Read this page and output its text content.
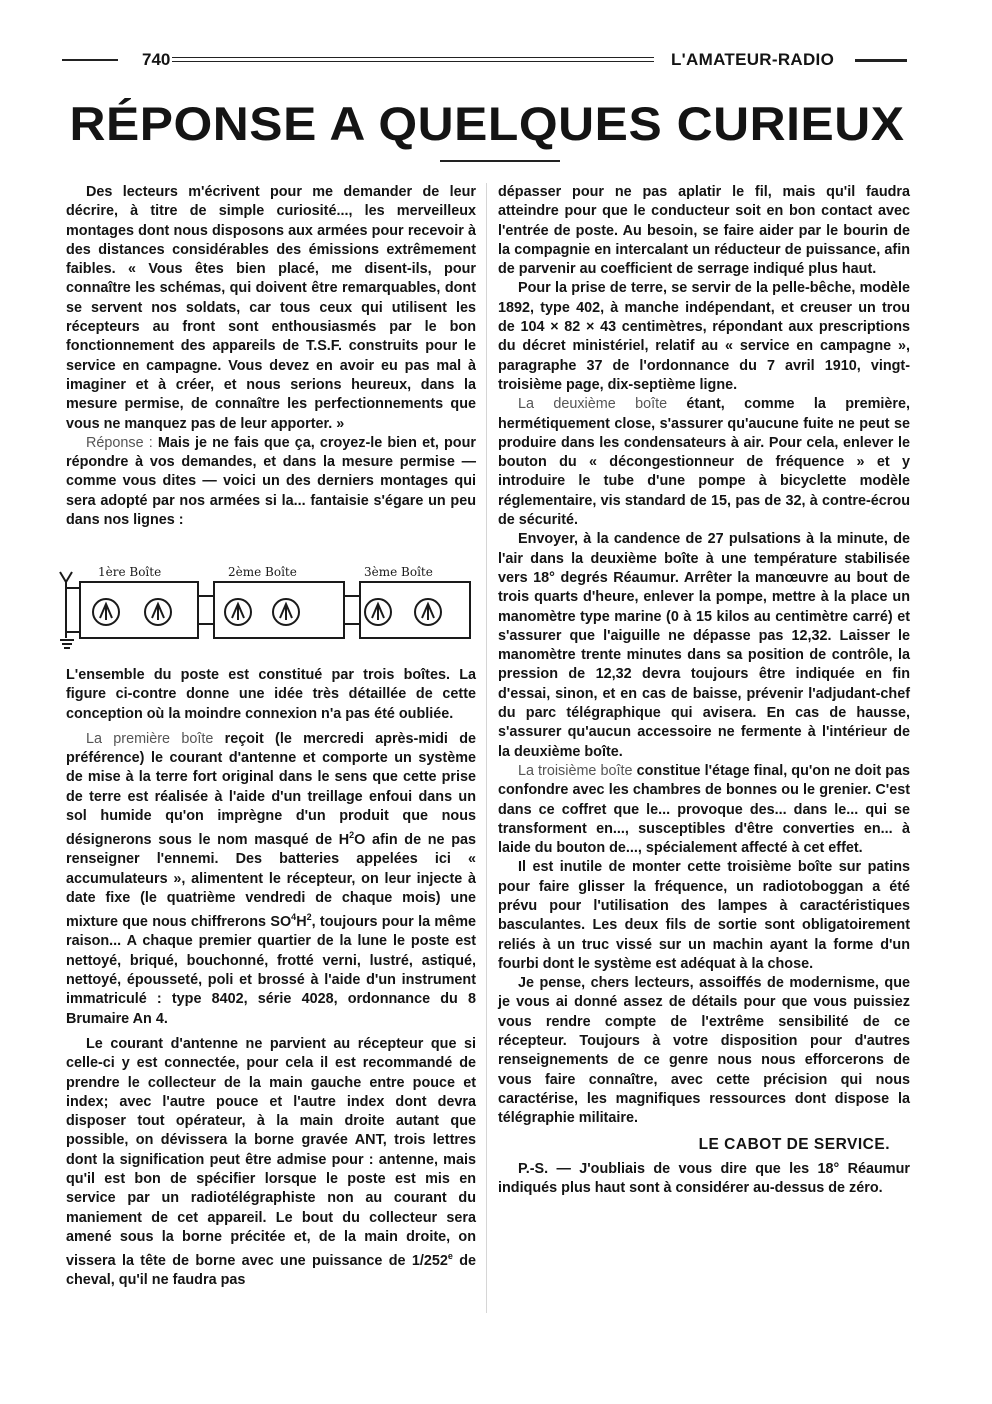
740	L'AMATEUR-RADIO
RÉPONSE A QUELQUES CURIEUX

Des lecteurs m'écrivent pour me demander de leur décrire, à titre de simple curiosité..., les merveilleux montages dont nous disposons aux armées pour recevoir à des distances considérables des émissions extrêmement faibles. « Vous êtes bien placé, me disent-ils, pour connaître les schémas, qui doivent être remarquables, dont se servent nos soldats, car tous ceux qui utilisent les récepteurs au front sont enthousiasmés par le bon fonctionnement des appareils de T.S.F. construits pour le service en campagne. Vous devez en avoir eu pas mal à imaginer et à créer, et nous serions heureux, dans la mesure permise, de connaître les perfectionnements que vous ne manquez pas de leur apporter. »

Réponse : Mais je ne fais que ça, croyez-le bien et, pour répondre à vos demandes, et dans la mesure permise — comme vous dites — voici un des derniers montages qui sera adopté par nos armées si la... fantaisie s'égare un peu dans nos lignes :

1ère Boîte	2ème Boîte	3ème Boîte

L'ensemble du poste est constitué par trois boîtes. La figure ci-contre donne une idée très détaillée de cette conception où la moindre connexion n'a pas été oubliée.

La première boîte reçoit (le mercredi après-midi de préférence) le courant d'antenne et comporte un système de mise à la terre fort original dans le sens que cette prise de terre est réalisée à l'aide d'un treillage enfoui dans un sol humide qu'on imprègne d'un produit que nous désignerons sous le nom masqué de $H^2O$ afin de ne pas renseigner l'ennemi. Des batteries appelées ici « accumulateurs », alimentent le récepteur, on leur injecte à date fixe (le quatrième vendredi de chaque mois) une mixture que nous chiffrerons $SO^4H^2$, toujours pour la même raison... A chaque premier quartier de la lune le poste est nettoyé, briqué, bouchonné, frotté verni, lustré, astiqué, nettoyé, épousseté, poli et brossé à l'aide d'un instrument immatriculé : type 8402, série 4028, ordonnance du 8 Brumaire An 4.

Le courant d'antenne ne parvient au récepteur que si celle-ci y est connectée, pour cela il est recommandé de prendre le collecteur de la main gauche entre pouce et index; avec l'autre pouce et l'autre index dont devra disposer tout opérateur, à la main droite autant que possible, on dévissera la borne gravée ANT, trois lettres dont la signification peut être admise pour : antenne, mais qu'il est bon de spécifier lorsque le poste est mis en service par un radiotélégraphiste non au courant du maniement de cet appareil. Le bout du collecteur sera amené sous la borne précitée et, de la main droite, on vissera la tête de borne avec une puissance de 1/252e de cheval, qu'il ne faudra pas

dépasser pour ne pas aplatir le fil, mais qu'il faudra atteindre pour que le conducteur soit en bon contact avec l'entrée de poste. Au besoin, se faire aider par le bourin de la compagnie en intercalant un réducteur de puissance, afin de parvenir au coefficient de serrage indiqué plus haut.

Pour la prise de terre, se servir de la pelle-bêche, modèle 1892, type 402, à manche indépendant, et creuser un trou de 104 × 82 × 43 centimètres, répondant aux prescriptions du décret ministériel, relatif au « service en campagne », paragraphe 37 de l'ordonnance du 7 avril 1910, vingt-troisième page, dix-septième ligne.

La deuxième boîte étant, comme la première, hermétiquement close, s'assurer qu'aucune fuite ne peut se produire dans les condensateurs à air. Pour cela, enlever le bouton du « décongestionneur de fréquence » et y introduire le tube d'une pompe à bicyclette modèle réglementaire, vis standard de 15, pas de 32, à contre-écrou de sécurité.

Envoyer, à la candence de 27 pulsations à la minute, de l'air dans la deuxième boîte à une température stabilisée vers 18° degrés Réaumur. Arrêter la manœuvre au bout de trois quarts d'heure, enlever la pompe, mettre à la place un manomètre type marine (0 à 15 kilos au centimètre carré) et s'assurer que l'aiguille ne dépasse pas 12,32. Laisser le manomètre trente minutes dans sa position de contrôle, la pression de 12,32 devra toujours être indiquée en fin d'essai, sinon, et en cas de baisse, prévenir l'adjudant-chef du parc télégraphique qui avisera. En cas de hausse, s'assurer qu'aucun accessoire ne fermente à l'intérieur de la deuxième boîte.

La troisième boîte constitue l'étage final, qu'on ne doit pas confondre avec les chambres de bonnes ou le grenier. C'est dans ce coffret que le... provoque des... dans le... qui se transforment en..., susceptibles d'être converties en... à laide du bouton de..., spécialement affecté à cet effet.

Il est inutile de monter cette troisième boîte sur patins pour faire glisser la fréquence, un radiotoboggan a été prévu pour l'utilisation des lampes à caractéristiques basculantes. Les deux fils de sortie sont obligatoirement reliés à un truc vissé sur un machin ayant la forme d'un fourbi dont le système est adéquat à la chose.

Je pense, chers lecteurs, assoiffés de modernisme, que je vous ai donné assez de détails pour que vous puissiez vous rendre compte de l'extrême sensibilité de ce récepteur. Toujours à votre disposition pour d'autres renseignements de ce genre nous nous efforcerons de vous faire connaître, avec cette précision qui nous caractérise, les magnifiques ressources dont dispose la télégraphie militaire.

LE CABOT DE SERVICE.

P.-S. — J'oubliais de vous dire que les 18° Réaumur indiqués plus haut sont à considérer au-dessus de zéro.
